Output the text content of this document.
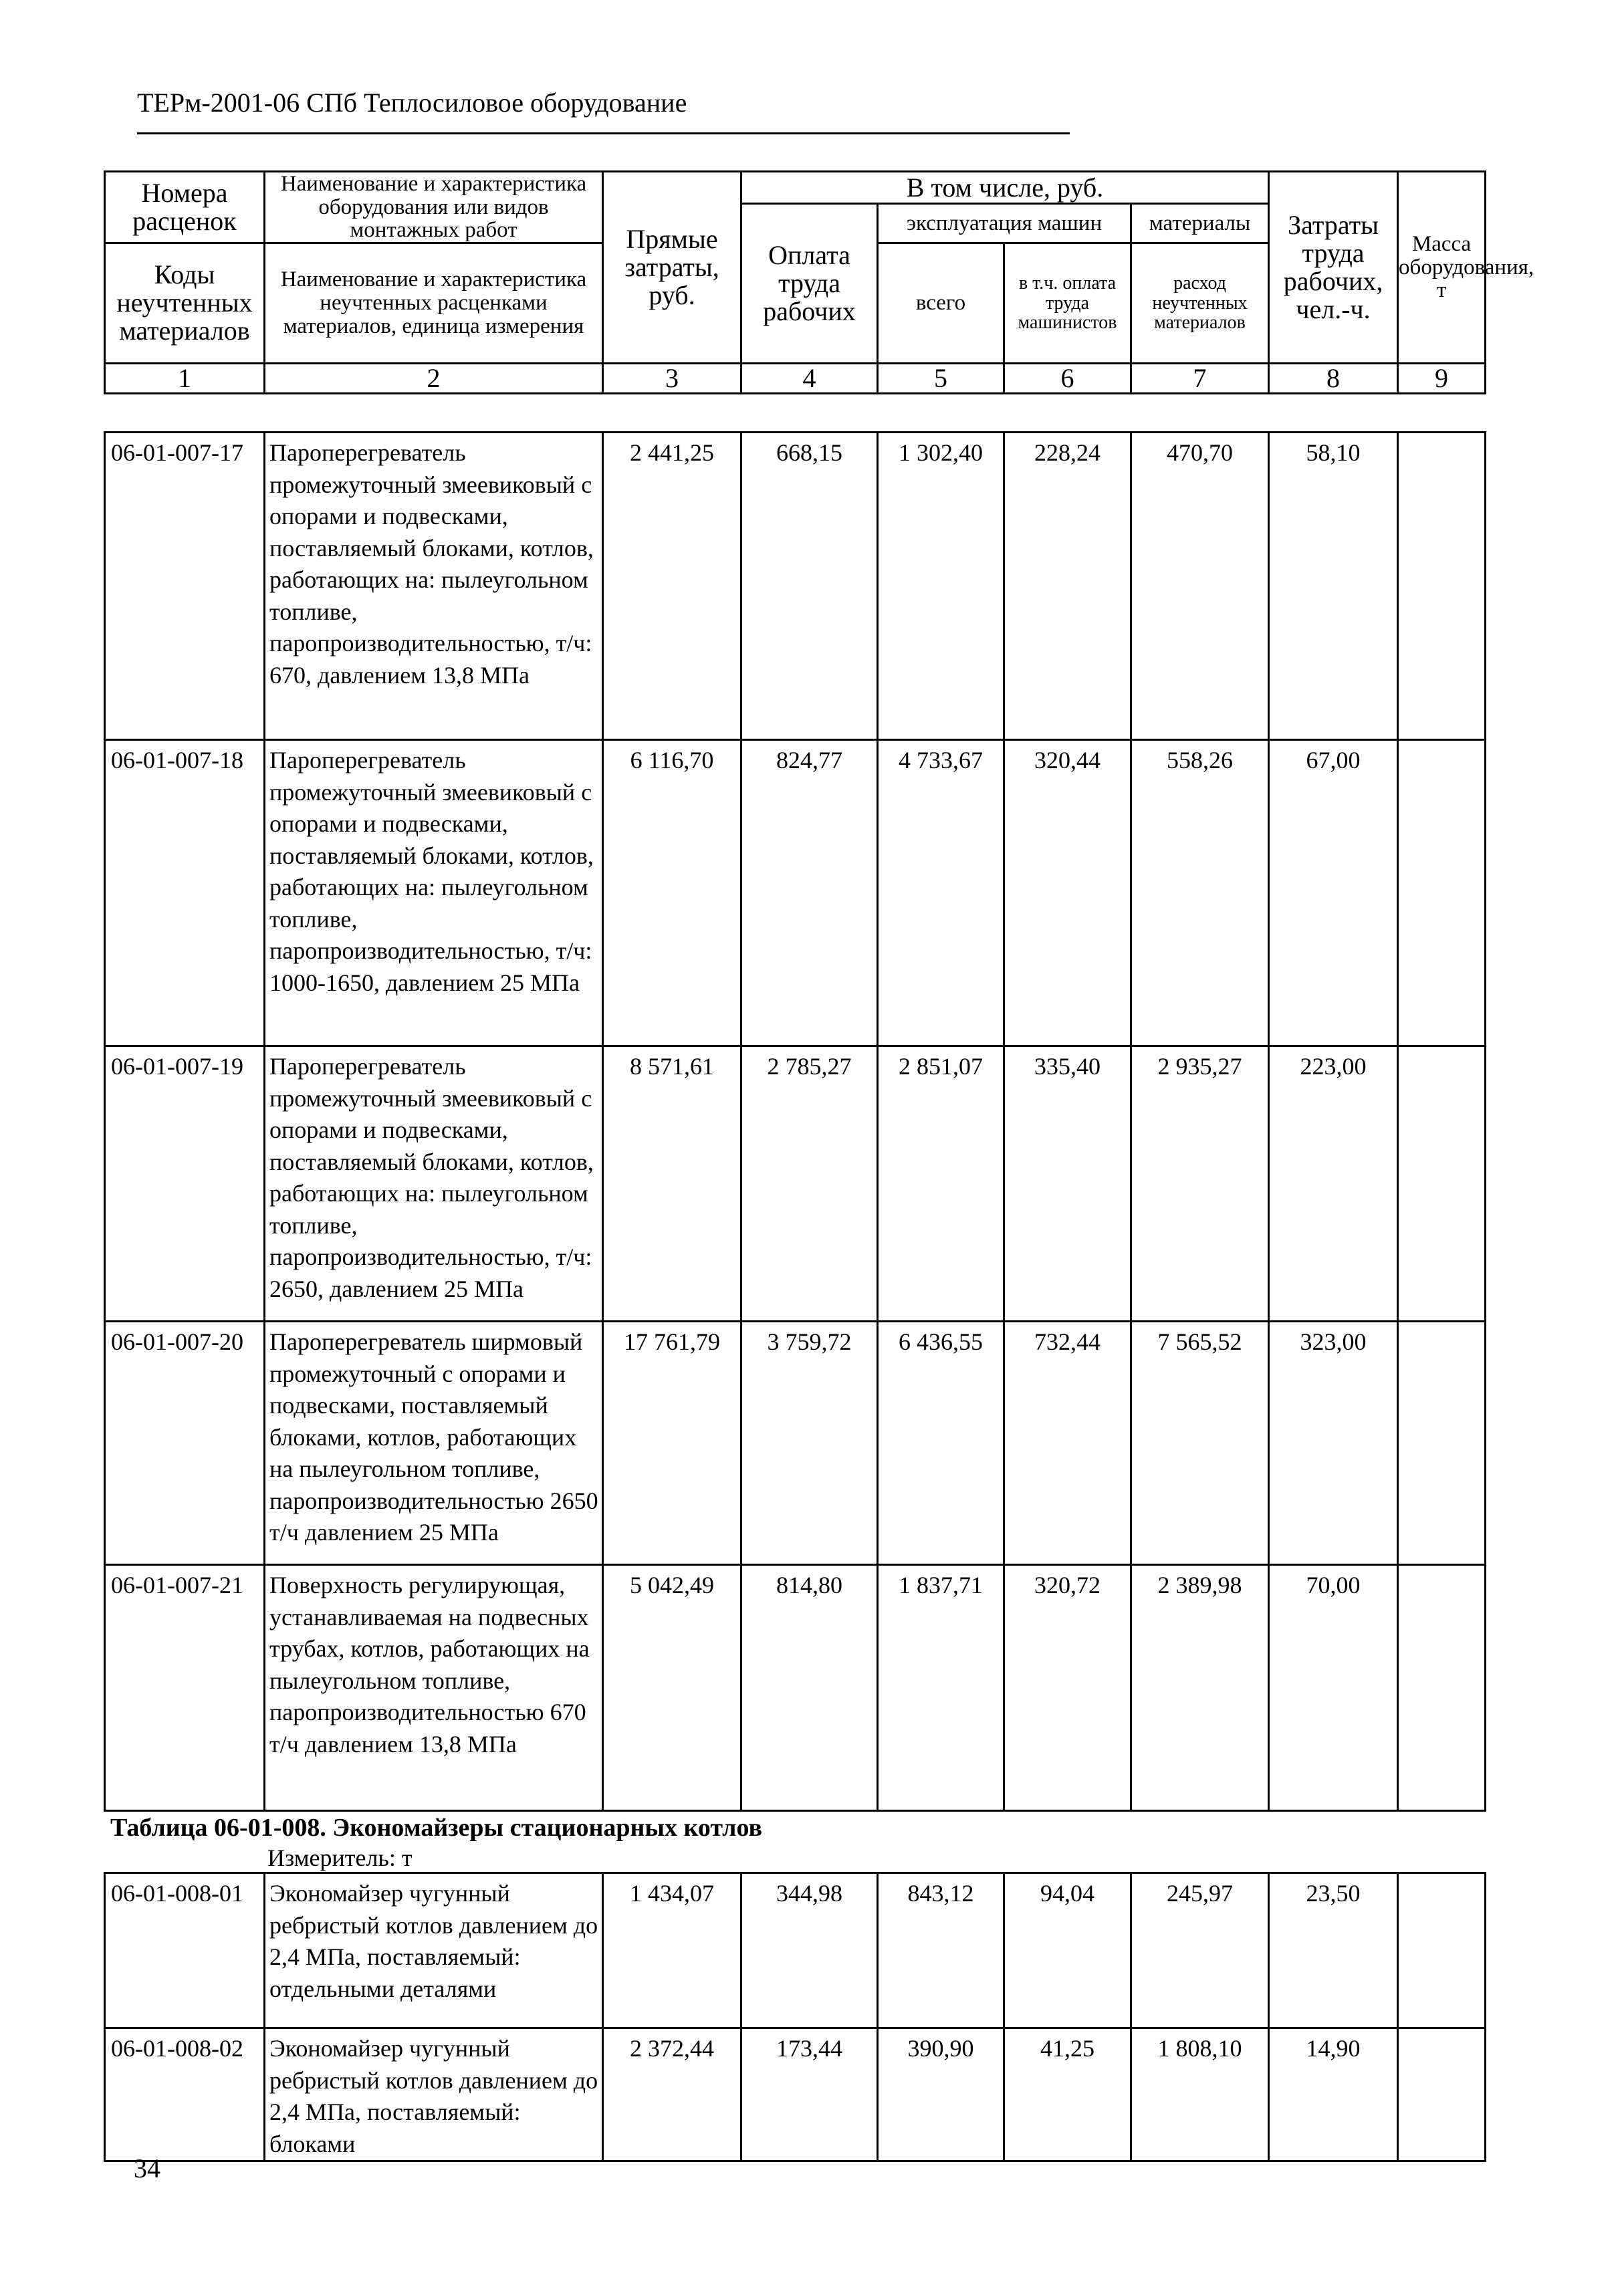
ТЕРм-2001-06 СПб Теплосиловое оборудование
Номера расценок	Наименование и характеристика оборудования или видов монтажных работ	Прямые затраты, руб.	В том числе, руб.				Затраты труда рабочих, чел.-ч.	Масса оборудования, т
			Оплата труда рабочих	эксплуатация машин		материалы		
Коды неучтенных материалов	Наименование и характеристика неучтенных расценками материалов, единица измерения			всего	в т.ч. оплата труда машинистов	расход неучтенных материалов		

1	2	3	4	5	6	7	8	9
06-01-007-17	Пароперегреватель промежуточный змеевиковый с опорами и подвесками, поставляемый блоками, котлов, работающих на: пылеугольном топливе, паропроизводительностью, т/ч: 670, давлением 13,8 МПа	2 441,25	668,15	1 302,40	228,24	470,70	58,10	
06-01-007-18	Пароперегреватель промежуточный змеевиковый с опорами и подвесками, поставляемый блоками, котлов, работающих на: пылеугольном топливе, паропроизводительностью, т/ч: 1000-1650, давлением 25 МПа	6 116,70	824,77	4 733,67	320,44	558,26	67,00	
06-01-007-19	Пароперегреватель промежуточный змеевиковый с опорами и подвесками, поставляемый блоками, котлов, работающих на: пылеугольном топливе, паропроизводительностью, т/ч: 2650, давлением 25 МПа	8 571,61	2 785,27	2 851,07	335,40	2 935,27	223,00	
06-01-007-20	Пароперегреватель ширмовый промежуточный с опорами и подвесками, поставляемый блоками, котлов, работающих на пылеугольном топливе, паропроизводительностью 2650 т/ч давлением 25 МПа	17 761,79	3 759,72	6 436,55	732,44	7 565,52	323,00	
06-01-007-21	Поверхность регулирующая, устанавливаемая на подвесных трубах, котлов, работающих на пылеугольном топливе, паропроизводительностью 670 т/ч давлением 13,8 МПа	5 042,49	814,80	1 837,71	320,72	2 389,98	70,00	
Таблица 06-01-008. Экономайзеры стационарных котлов
Измеритель: т
06-01-008-01	Экономайзер чугунный ребристый котлов давлением до 2,4 МПа, поставляемый: отдельными деталями	1 434,07	344,98	843,12	94,04	245,97	23,50	
06-01-008-02	Экономайзер чугунный ребристый котлов давлением до 2,4 МПа, поставляемый: блоками	2 372,44	173,44	390,90	41,25	1 808,10	14,90	
34
